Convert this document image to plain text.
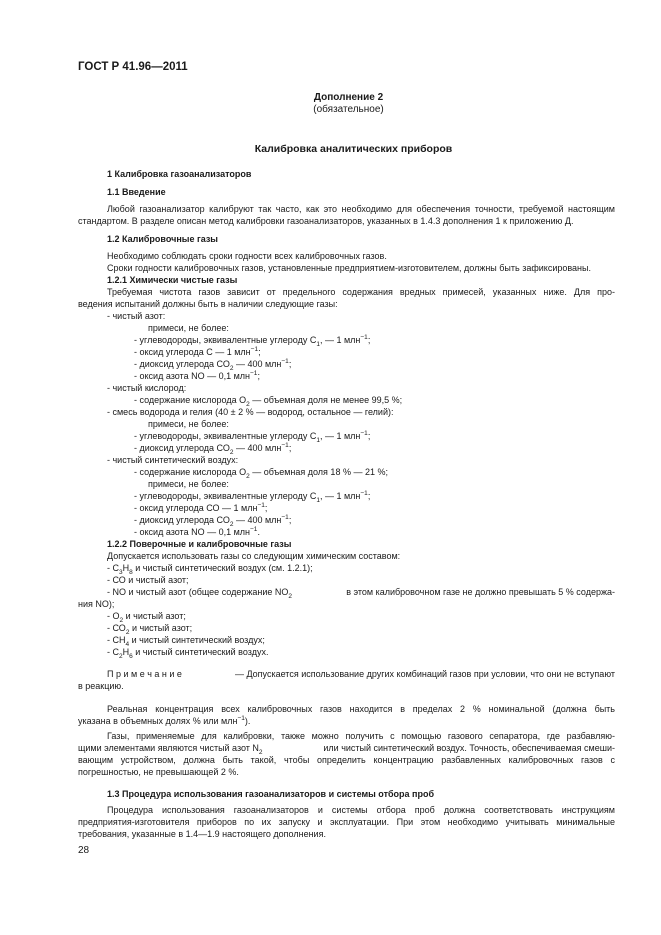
ГОСТ Р 41.96—2011
Дополнение 2
(обязательное)
Калибровка аналитических приборов
1 Калибровка газоанализаторов
1.1 Введение
Любой газоанализатор калибруют так часто, как это необходимо для обеспечения точности, требуемой настоящим
стандартом. В разделе описан метод калибровки газоанализаторов, указанных в 1.4.3 дополнения 1 к приложению Д.
1.2 Калибровочные газы
Необходимо соблюдать сроки годности всех калибровочных газов.
Сроки годности калибровочных газов, установленные предприятием-изготовителем, должны быть зафиксированы.
1.2.1 Химически чистые газы
Требуемая чистота газов зависит от предельного содержания вредных примесей, указанных ниже. Для про-
ведения испытаний должны быть в наличии следующие газы:
- чистый азот:
примеси, не более:
- углеводороды, эквивалентные углероду $С_1$, — 1 млн$^{-1}$;
- оксид углерода С — 1 млн$^{-1}$;
- диоксид углерода $СО_2$ — 400 млн$^{-1}$;
- оксид азота NO — 0,1 млн$^{-1}$;
- чистый кислород:
- содержание кислорода $О_2$ — объемная доля не менее 99,5 %;
- смесь водорода и гелия (40 ± 2 % — водород, остальное — гелий):
примеси, не более:
- углеводороды, эквивалентные углероду $С_1$, — 1 млн$^{-1}$;
- диоксид углерода $СО_2$ — 400 млн$^{-1}$;
- чистый синтетический воздух:
- содержание кислорода $О_2$ — объемная доля 18 % — 21 %;
примеси, не более:
- углеводороды, эквивалентные углероду $С_1$, — 1 млн$^{-1}$;
- оксид углерода СО — 1 млн$^{-1}$;
- диоксид углерода $СО_2$ — 400 млн$^{-1}$;
- оксид азота NO — 0,1 млн$^{-1}$.
1.2.2 Поверочные и калибровочные газы
Допускается использовать газы со следующим химическим составом:
- $С_3Н_8$ и чистый синтетический воздух (см. 1.2.1);
- СО и чистый азот;
- NO и чистый азот (общее содержание $NO_2$	в этом калибровочном газе не должно превышать 5 % содержа-
ния NO);
- $О_2$ и чистый азот;
- $СО_2$ и чистый азот;
- $СН_4$ и чистый синтетический воздух;
- $С_2Н_6$ и чистый синтетический воздух.
П р и м е ч а н и е	— Допускается использование других комбинаций газов при условии, что они не вступают
в реакцию.
Реальная концентрация всех калибровочных газов находится в пределах 2 % номинальной (должна быть
указана в объемных долях % или млн$^{-1}$).
Газы, применяемые для калибровки, также можно получить с помощью газового сепаратора, где разбавляю-
щими элементами являются чистый азот $N_2$	или чистый синтетический воздух. Точность, обеспечиваемая смеши-
вающим устройством, должна быть такой, чтобы определить концентрацию разбавленных калибровочных газов с
погрешностью, не превышающей 2 %.
1.3 Процедура использования газоанализаторов и системы отбора проб
Процедура использования газоанализаторов и системы отбора проб должна соответствовать инструкциям
предприятия-изготовителя приборов по их запуску и эксплуатации. При этом необходимо учитывать минимальные
требования, указанные в 1.4—1.9 настоящего дополнения.
28
